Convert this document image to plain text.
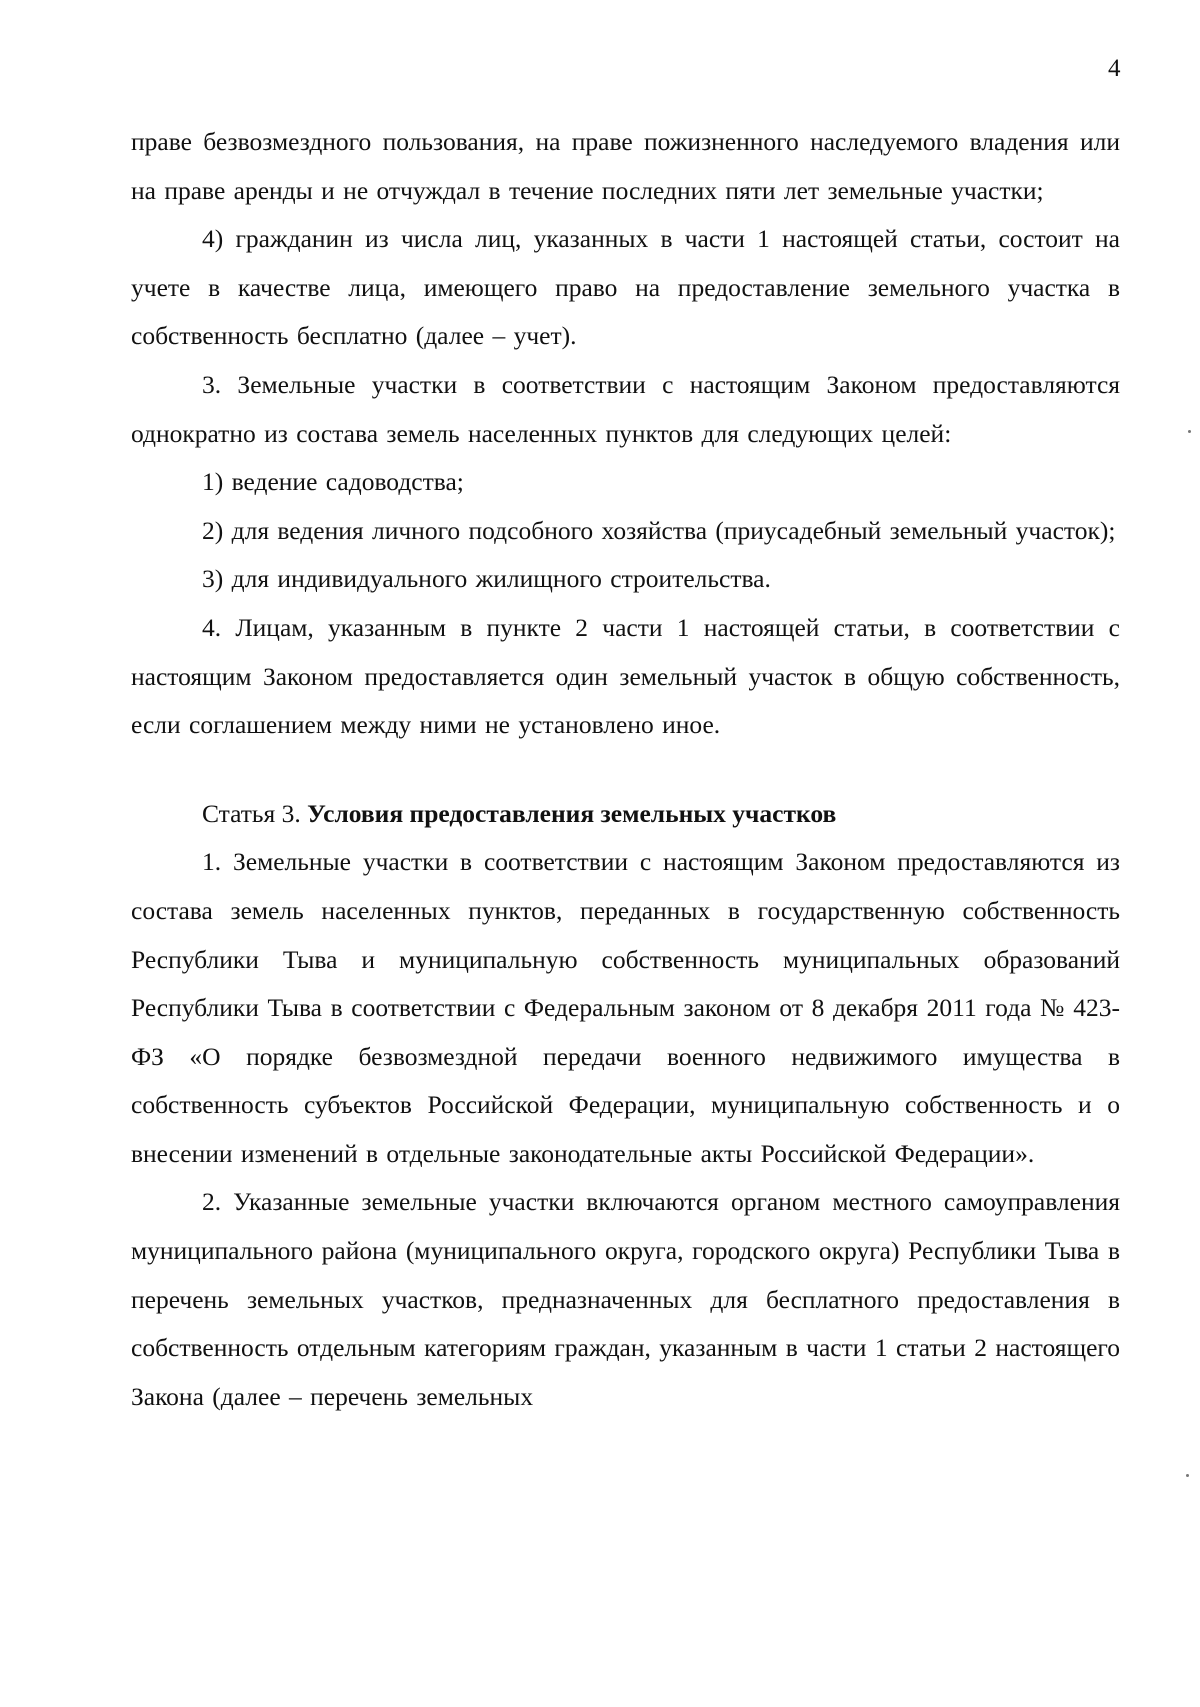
4

праве безвозмездного пользования, на праве пожизненного наследуемого владения или на праве аренды и не отчуждал в течение последних пяти лет земельные участки;

4) гражданин из числа лиц, указанных в части 1 настоящей статьи, состоит на учете в качестве лица, имеющего право на предоставление земельного участка в собственность бесплатно (далее – учет).

3. Земельные участки в соответствии с настоящим Законом предоставляются однократно из состава земель населенных пунктов для следующих целей:

1) ведение садоводства;

2) для ведения личного подсобного хозяйства (приусадебный земельный участок);

3) для индивидуального жилищного строительства.

4. Лицам, указанным в пункте 2 части 1 настоящей статьи, в соответствии с настоящим Законом предоставляется один земельный участок в общую собственность, если соглашением между ними не установлено иное.

Статья 3. Условия предоставления земельных участков

1. Земельные участки в соответствии с настоящим Законом предоставляются из состава земель населенных пунктов, переданных в государственную собственность Республики Тыва и муниципальную собственность муниципальных образований Республики Тыва в соответствии с Федеральным законом от 8 декабря 2011 года № 423-ФЗ «О порядке безвозмездной передачи военного недвижимого имущества в собственность субъектов Российской Федерации, муниципальную собственность и о внесении изменений в отдельные законодательные акты Российской Федерации».

2. Указанные земельные участки включаются органом местного самоуправления муниципального района (муниципального округа, городского округа) Республики Тыва в перечень земельных участков, предназначенных для бесплатного предоставления в собственность отдельным категориям граждан, указанным в части 1 статьи 2 настоящего Закона (далее – перечень земельных
